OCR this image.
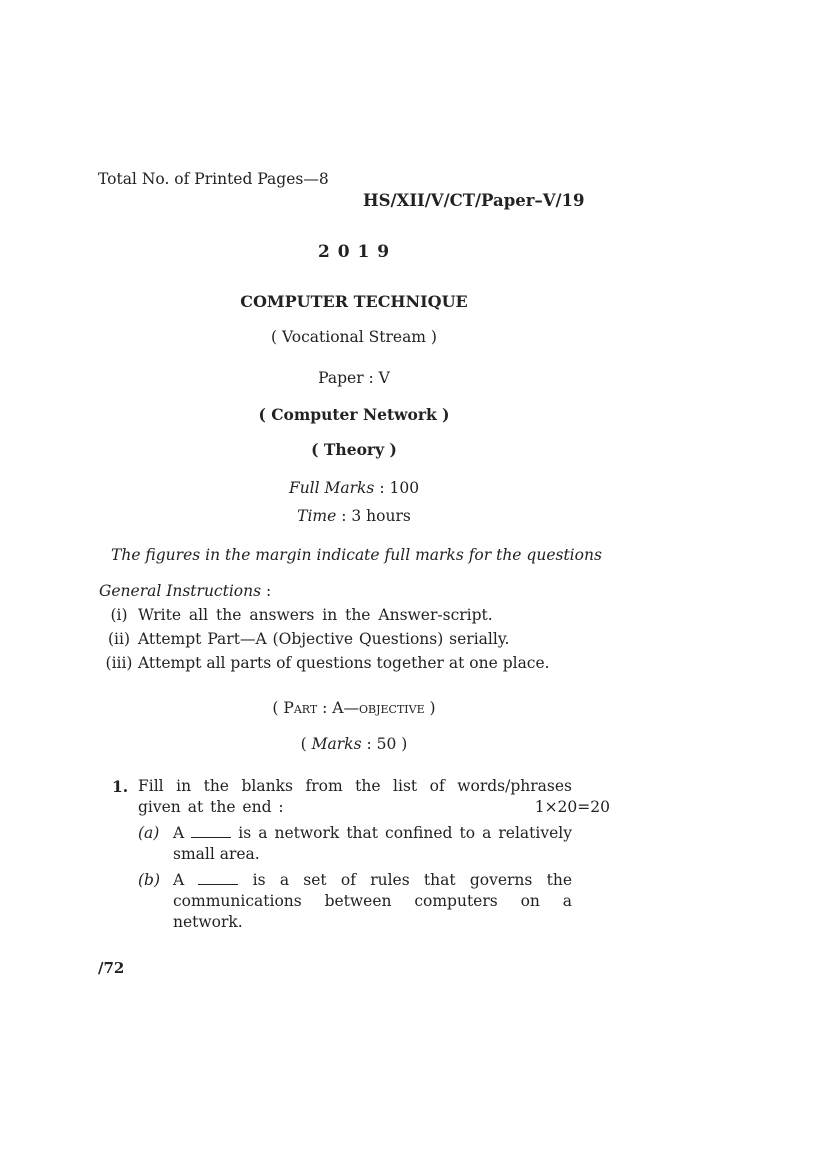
Total No. of Printed Pages—8
HS/XII/V/CT/Paper–V/19
2 0 1 9
COMPUTER TECHNIQUE
( Vocational Stream )
Paper : V
( Computer Network )
( Theory )
Full Marks : 100
Time : 3 hours
The figures in the margin indicate full marks for the questions
General Instructions :
(i) Write all the answers in the Answer-script.
(ii) Attempt Part—A (Objective Questions) serially.
(iii) Attempt all parts of questions together at one place.
( Part : A—objective )
( Marks : 50 )
1. Fill in the blanks from the list of words/phrases
given at the end :	1×20=20
(a) A	is a network that confined to a relatively small area.
(b) A	is a set of rules that governs the communications between computers on a network.
/72
